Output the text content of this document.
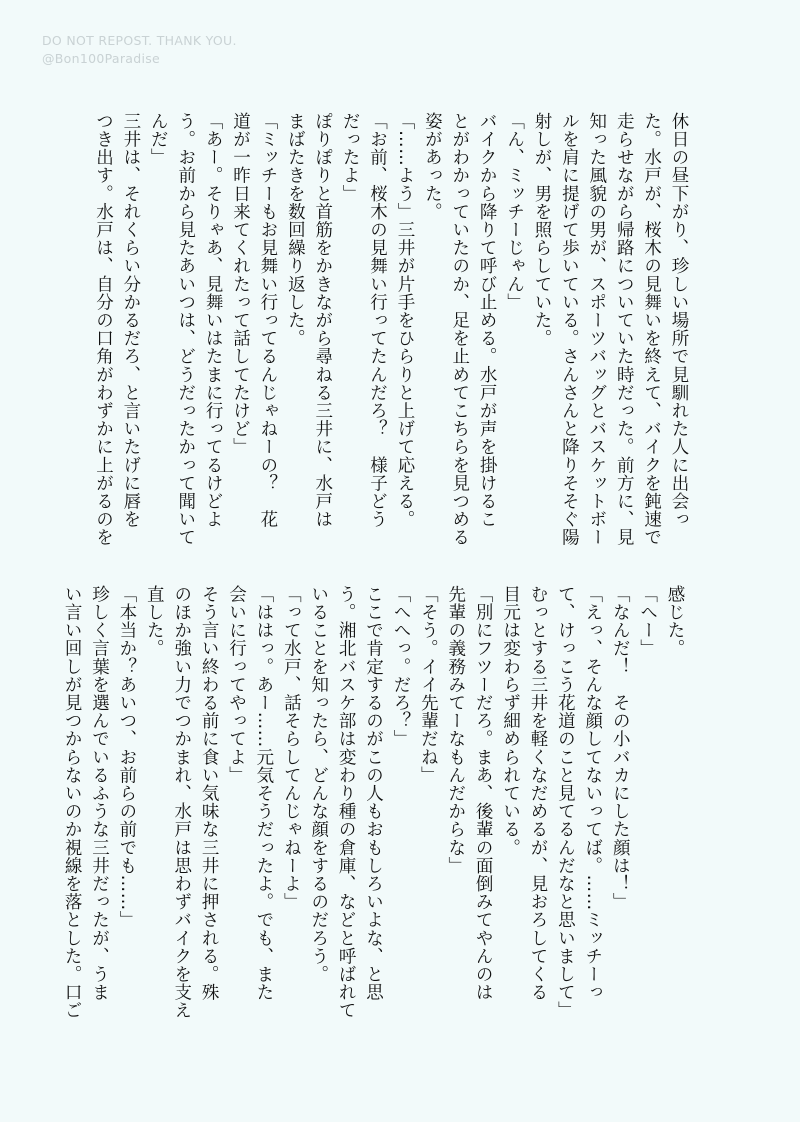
DO NOT REPOST. THANK YOU.
@Bon100Paradise
休日の昼下がり、珍しい場所で見馴れた人に出会っ
た。水戸が、桜木の見舞いを終えて、バイクを鈍速で
走らせながら帰路についていた時だった。前方に、見
知った風貌の男が、スポーツバッグとバスケットボー
ルを肩に提げて歩いている。さんさんと降りそそぐ陽
射しが、男を照らしていた。
「ん、ミッチーじゃん」
バイクから降りて呼び止める。水戸が声を掛けるこ
とがわかっていたのか、足を止めてこちらを見つめる
姿があった。
「……よう」三井が片手をひらりと上げて応える。
「お前、桜木の見舞い行ってたんだろ？　様子どう
だったよ」
ぽりぽりと首筋をかきながら尋ねる三井に、水戸は
まばたきを数回繰り返した。
「ミッチーもお見舞い行ってるんじゃねーの？　花
道が一昨日来てくれたって話してたけど」
「あー。そりゃあ、見舞いはたまに行ってるけどよ
う。お前から見たあいつは、どうだったかって聞いて
んだ」
三井は、それくらい分かるだろ、と言いたげに唇を
つき出す。水戸は、自分の口角がわずかに上がるのを
感じた。
「へー」
「なんだ！　その小バカにした顔は！」
「えっ、そんな顔してないってば。……ミッチーっ
て、けっこう花道のこと見てるんだなと思いまして」
むっとする三井を軽くなだめるが、見おろしてくる
目元は変わらず細められている。
「別にフツーだろ。まあ、後輩の面倒みてやんのは
先輩の義務みてーなもんだからな」
「そう。イイ先輩だね」
「へへっ。だろ？」
ここで肯定するのがこの人もおもしろいよな、と思
う。湘北バスケ部は変わり種の倉庫、などと呼ばれて
いることを知ったら、どんな顔をするのだろう。
「って水戸、話そらしてんじゃねーよ」
「ははっ。あー……元気そうだったよ。でも、また
会いに行ってやってよ」
そう言い終わる前に食い気味な三井に押される。殊
のほか強い力でつかまれ、水戸は思わずバイクを支え
直した。
「本当か？あいつ、お前らの前でも……」
珍しく言葉を選んでいるふうな三井だったが、うま
い言い回しが見つからないのか視線を落とした。口ご
